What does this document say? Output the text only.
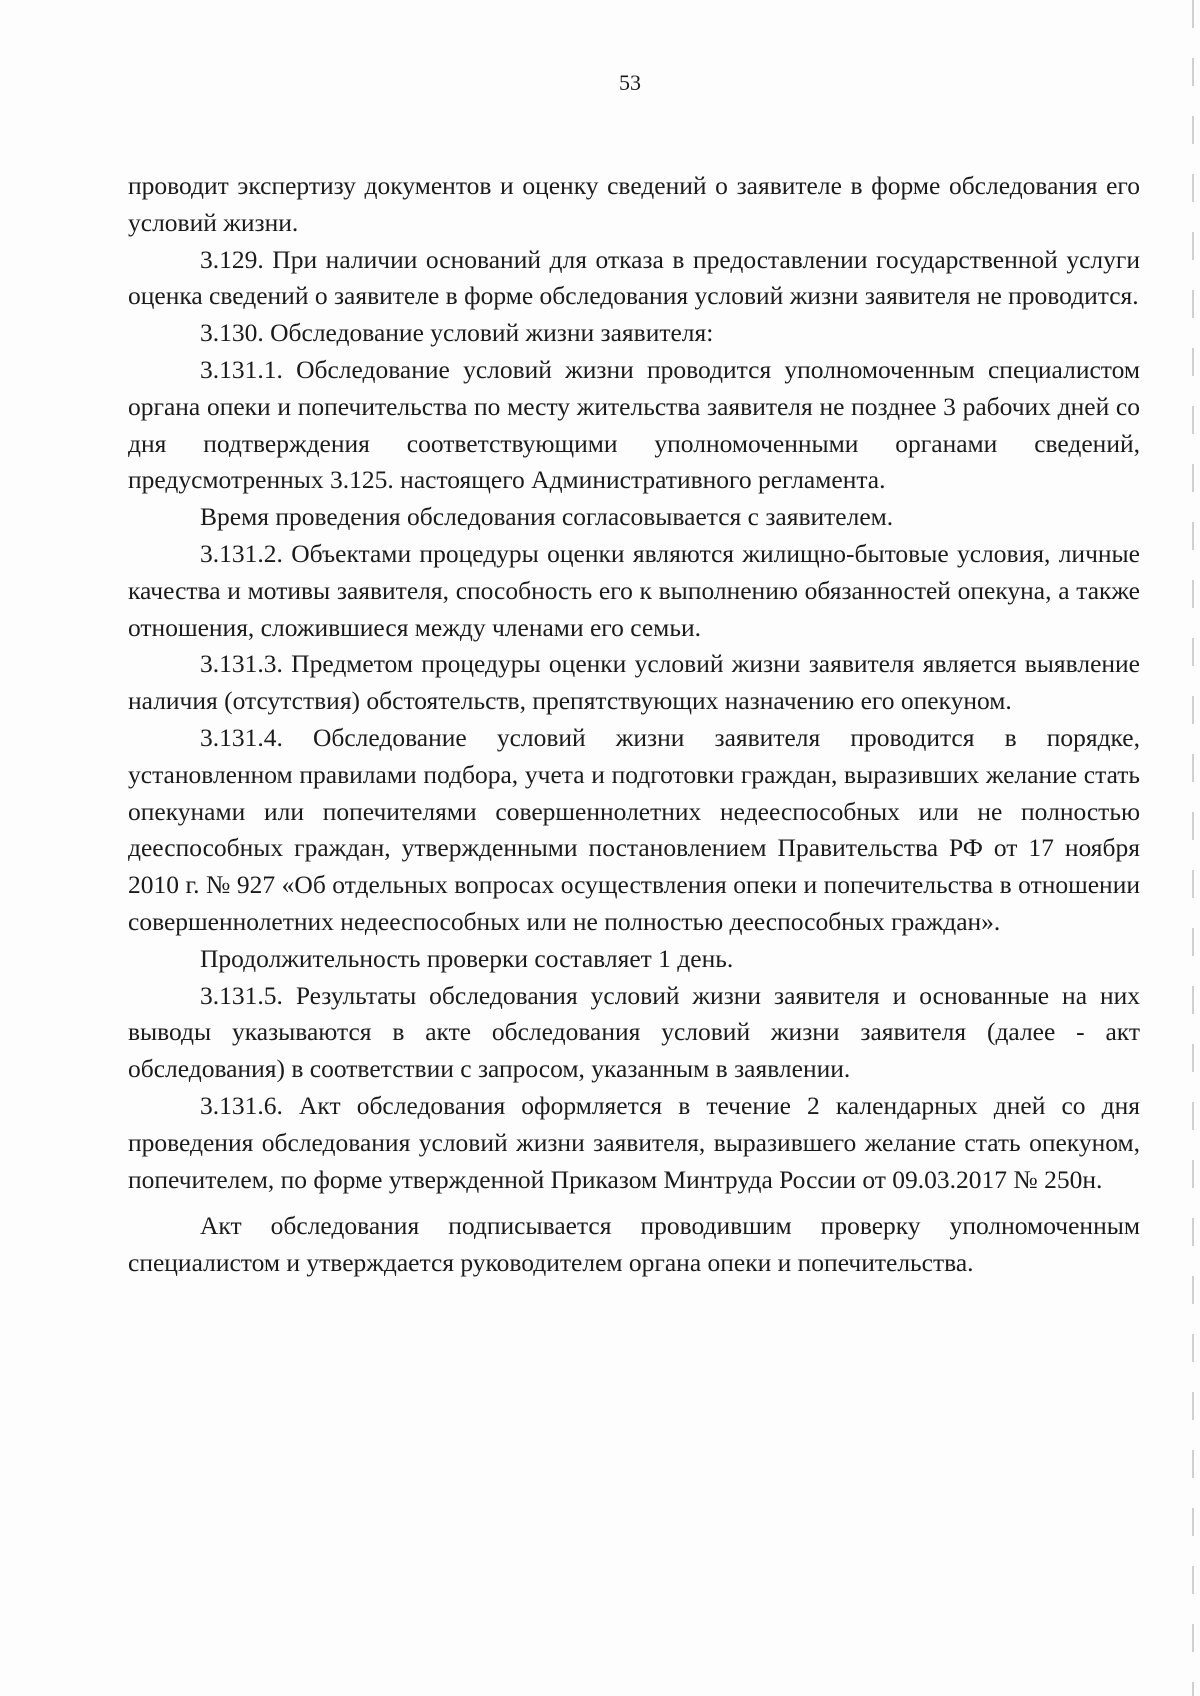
53

проводит экспертизу документов и оценку сведений о заявителе в форме обследования его условий жизни.

3.129. При наличии оснований для отказа в предоставлении государственной услуги оценка сведений о заявителе в форме обследования условий жизни заявителя не проводится.

3.130. Обследование условий жизни заявителя:

3.131.1. Обследование условий жизни проводится уполномоченным специалистом органа опеки и попечительства по месту жительства заявителя не позднее 3 рабочих дней со дня подтверждения соответствующими уполномоченными органами сведений, предусмотренных 3.125. настоящего Административного регламента.

Время проведения обследования согласовывается с заявителем.

3.131.2. Объектами процедуры оценки являются жилищно-бытовые условия, личные качества и мотивы заявителя, способность его к выполнению обязанностей опекуна, а также отношения, сложившиеся между членами его семьи.

3.131.3. Предметом процедуры оценки условий жизни заявителя является выявление наличия (отсутствия) обстоятельств, препятствующих назначению его опекуном.

3.131.4. Обследование условий жизни заявителя проводится в порядке, установленном правилами подбора, учета и подготовки граждан, выразивших желание стать опекунами или попечителями совершеннолетних недееспособных или не полностью дееспособных граждан, утвержденными постановлением Правительства РФ от 17 ноября 2010 г. № 927 «Об отдельных вопросах осуществления опеки и попечительства в отношении совершеннолетних недееспособных или не полностью дееспособных граждан».

Продолжительность проверки составляет 1 день.

3.131.5. Результаты обследования условий жизни заявителя и основанные на них выводы указываются в акте обследования условий жизни заявителя (далее - акт обследования) в соответствии с запросом, указанным в заявлении.

3.131.6. Акт обследования оформляется в течение 2 календарных дней со дня проведения обследования условий жизни заявителя, выразившего желание стать опекуном, попечителем, по форме утвержденной Приказом Минтруда России от 09.03.2017 № 250н.

Акт обследования подписывается проводившим проверку уполномоченным специалистом и утверждается руководителем органа опеки и попечительства.
